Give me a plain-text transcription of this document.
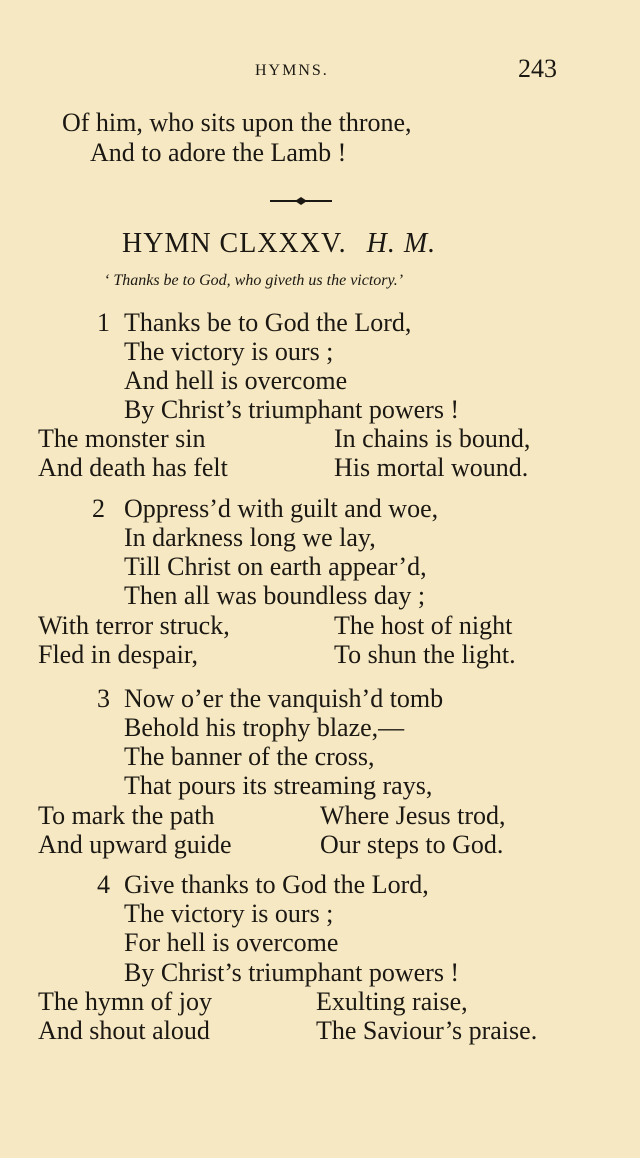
HYMNS.	243
Of him, who sits upon the throne,
And to adore the Lamb !
HYMN CLXXXV. H. M.
‘ Thanks be to God, who giveth us the victory.’
1 Thanks be to God the Lord,
The victory is ours ;
And hell is overcome
By Christ’s triumphant powers !
The monster sin	In chains is bound,
And death has felt	His mortal wound.
2 Oppress’d with guilt and woe,
In darkness long we lay,
Till Christ on earth appear’d,
Then all was boundless day ;
With terror struck,	The host of night
Fled in despair,	To shun the light.
3 Now o’er the vanquish’d tomb
Behold his trophy blaze,—
The banner of the cross,
That pours its streaming rays,
To mark the path	Where Jesus trod,
And upward guide	Our steps to God.
4 Give thanks to God the Lord,
The victory is ours ;
For hell is overcome
By Christ’s triumphant powers !
The hymn of joy	Exulting raise,
And shout aloud	The Saviour’s praise.
